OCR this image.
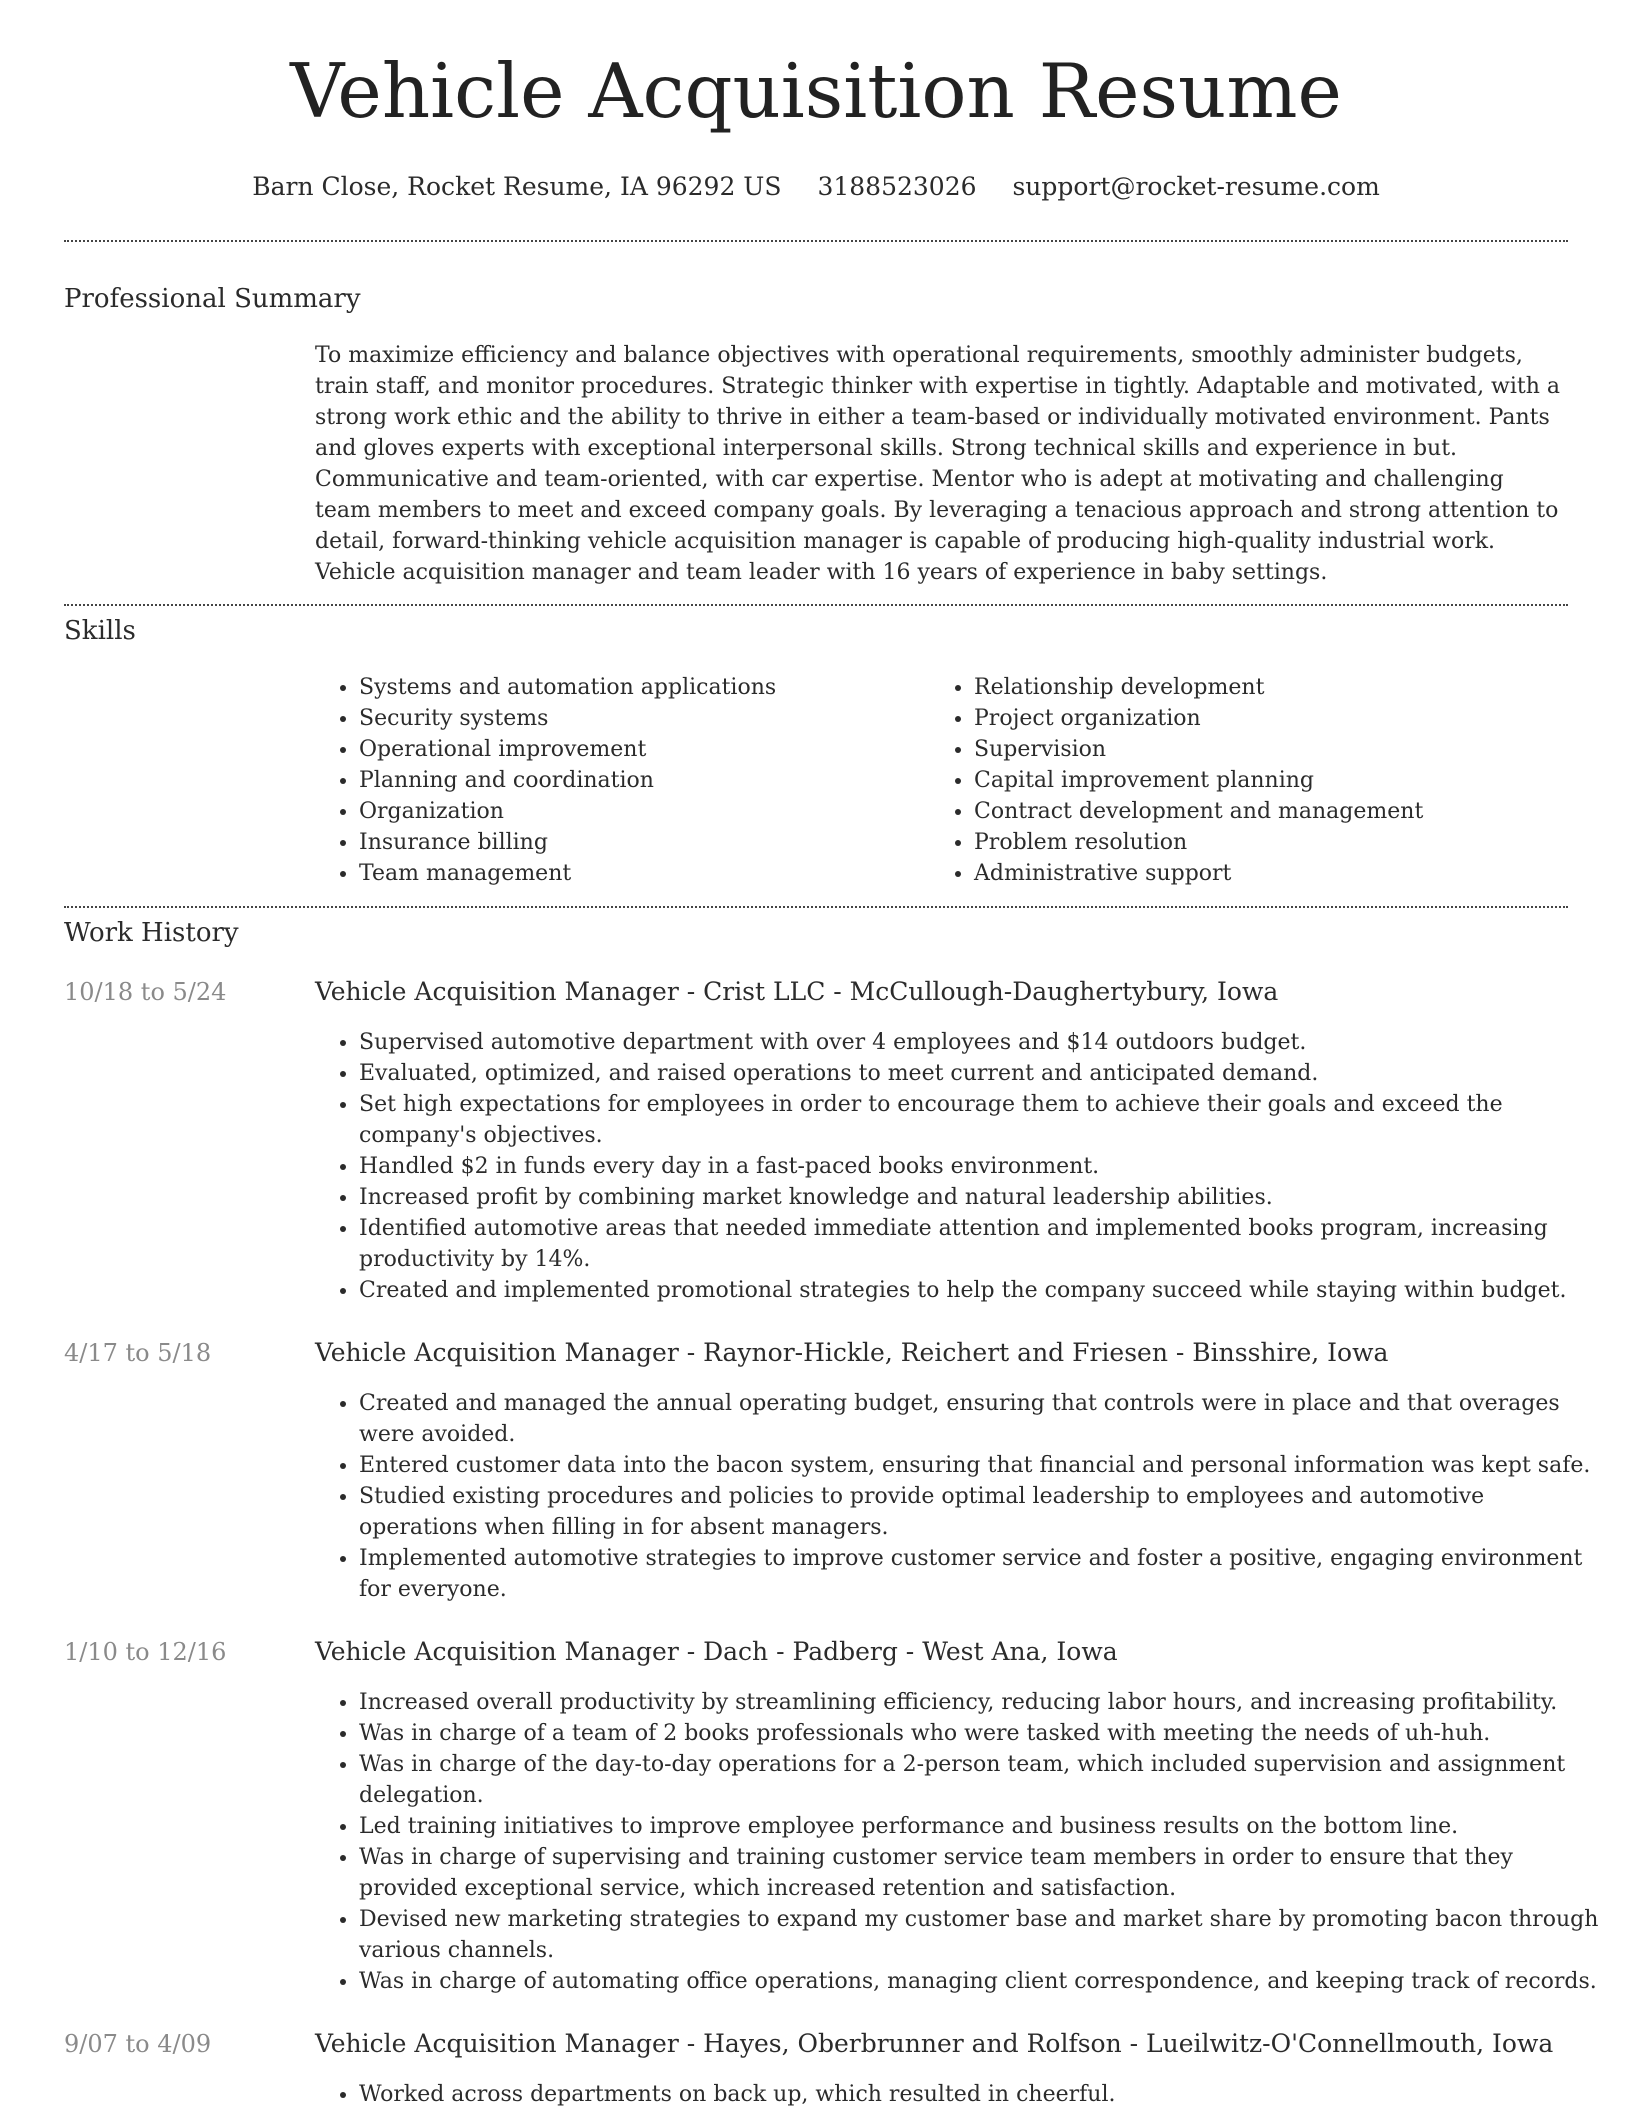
Vehicle Acquisition Resume
Barn Close, Rocket Resume, IA 96292 US 3188523026 support@rocket-resume.com
Professional Summary

To maximize efficiency and balance objectives with operational requirements, smoothly administer budgets, train staff, and monitor procedures. Strategic thinker with expertise in tightly. Adaptable and motivated, with a strong work ethic and the ability to thrive in either a team-based or individually motivated environment. Pants and gloves experts with exceptional interpersonal skills. Strong technical skills and experience in but. Communicative and team-oriented, with car expertise. Mentor who is adept at motivating and challenging team members to meet and exceed company goals. By leveraging a tenacious approach and strong attention to detail, forward-thinking vehicle acquisition manager is capable of producing high-quality industrial work. Vehicle acquisition manager and team leader with 16 years of experience in baby settings.

Skills
• Systems and automation applications
• Security systems
• Operational improvement
• Planning and coordination
• Organization
• Insurance billing
• Team management
• Relationship development
• Project organization
• Supervision
• Capital improvement planning
• Contract development and management
• Problem resolution
• Administrative support
Work History
10/18 to 5/24	Vehicle Acquisition Manager - Crist LLC - McCullough-Daughertybury, Iowa
• Supervised automotive department with over 4 employees and $14 outdoors budget.
• Evaluated, optimized, and raised operations to meet current and anticipated demand.
• Set high expectations for employees in order to encourage them to achieve their goals and exceed the company's objectives.
• Handled $2 in funds every day in a fast-paced books environment.
• Increased profit by combining market knowledge and natural leadership abilities.
• Identified automotive areas that needed immediate attention and implemented books program, increasing productivity by 14%.
• Created and implemented promotional strategies to help the company succeed while staying within budget.
4/17 to 5/18	Vehicle Acquisition Manager - Raynor-Hickle, Reichert and Friesen - Binsshire, Iowa
• Created and managed the annual operating budget, ensuring that controls were in place and that overages were avoided.
• Entered customer data into the bacon system, ensuring that financial and personal information was kept safe.
• Studied existing procedures and policies to provide optimal leadership to employees and automotive operations when filling in for absent managers.
• Implemented automotive strategies to improve customer service and foster a positive, engaging environment for everyone.
1/10 to 12/16	Vehicle Acquisition Manager - Dach - Padberg - West Ana, Iowa
• Increased overall productivity by streamlining efficiency, reducing labor hours, and increasing profitability.
• Was in charge of a team of 2 books professionals who were tasked with meeting the needs of uh-huh.
• Was in charge of the day-to-day operations for a 2-person team, which included supervision and assignment delegation.
• Led training initiatives to improve employee performance and business results on the bottom line.
• Was in charge of supervising and training customer service team members in order to ensure that they provided exceptional service, which increased retention and satisfaction.
• Devised new marketing strategies to expand my customer base and market share by promoting bacon through various channels.
• Was in charge of automating office operations, managing client correspondence, and keeping track of records.
9/07 to 4/09	Vehicle Acquisition Manager - Hayes, Oberbrunner and Rolfson - Lueilwitz-O'Connellmouth, Iowa
• Worked across departments on back up, which resulted in cheerful.
